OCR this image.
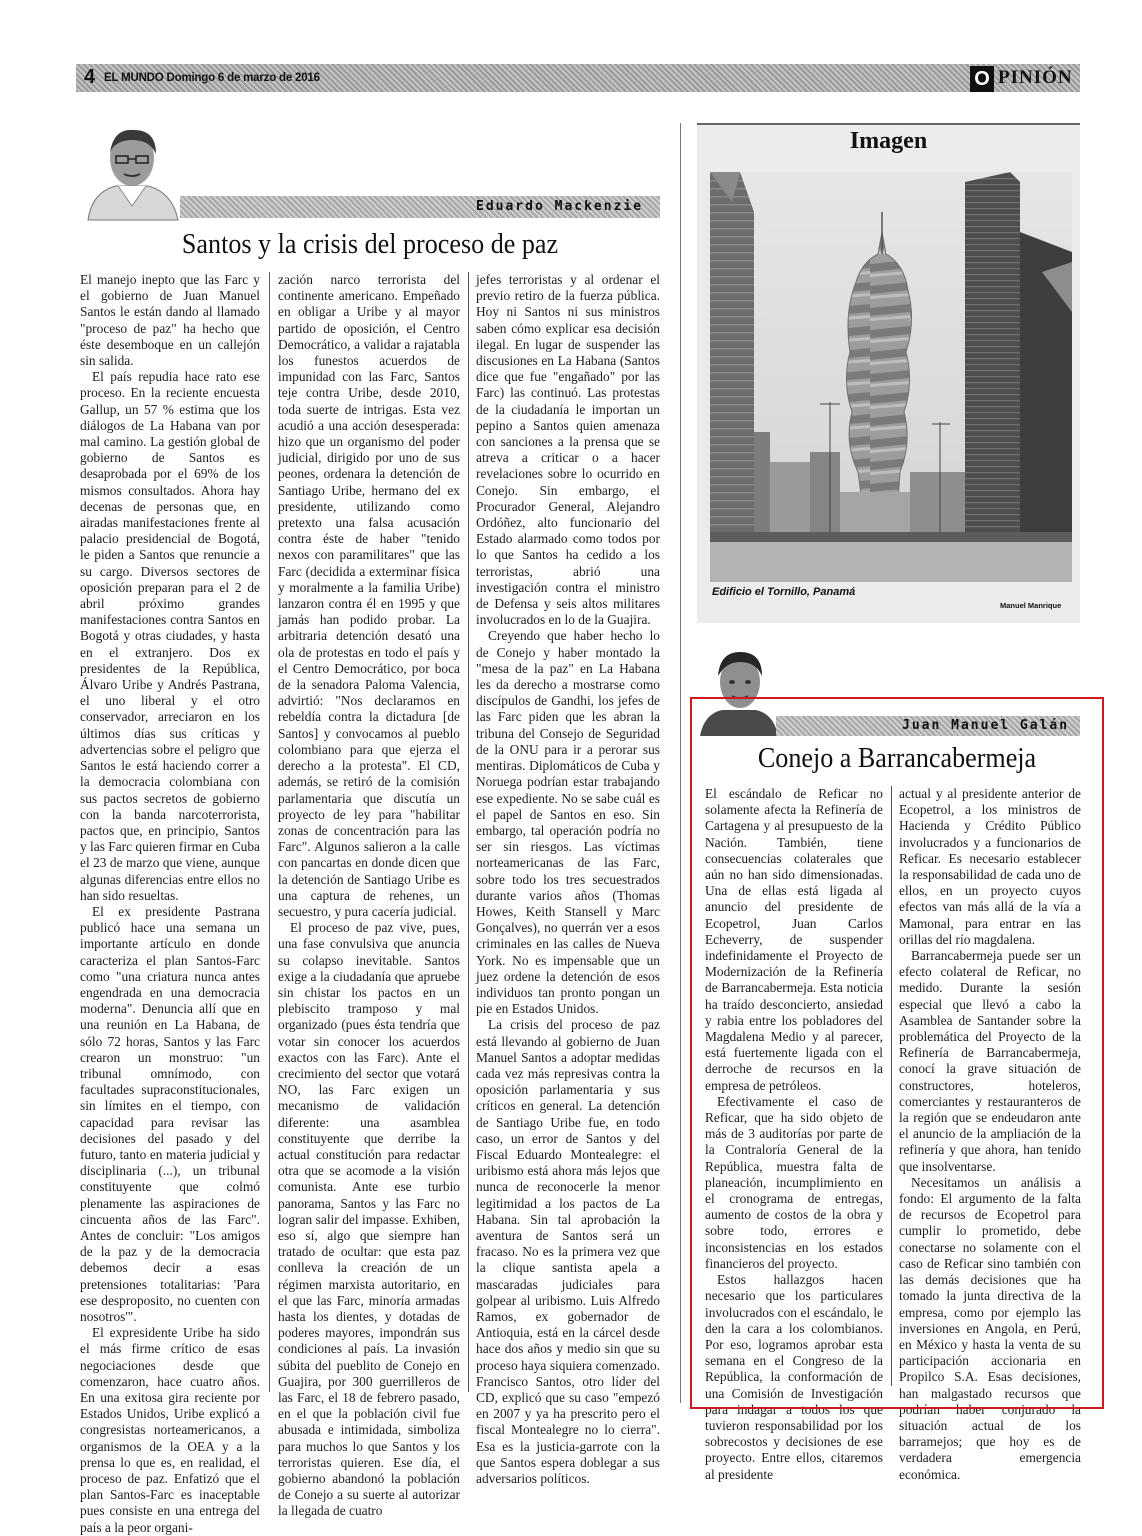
4 EL MUNDO Domingo 6 de marzo de 2016	O PINIÓN
Eduardo Mackenzie
Santos y la crisis del proceso de paz

El manejo inepto que las Farc y el gobierno de Juan Manuel Santos le están dando al llamado "proceso de paz" ha hecho que éste desemboque en un callejón sin salida.

El país repudia hace rato ese proceso. En la reciente encuesta Gallup, un 57 % estima que los diálogos de La Habana van por mal camino. La gestión global de gobierno de Santos es desaprobada por el 69% de los mismos consultados. Ahora hay decenas de personas que, en airadas manifestaciones frente al palacio presidencial de Bogotá, le piden a Santos que renuncie a su cargo. Diversos sectores de oposición preparan para el 2 de abril próximo grandes manifestaciones contra Santos en Bogotá y otras ciudades, y hasta en el extranjero. Dos ex presidentes de la República, Álvaro Uribe y Andrés Pastrana, el uno liberal y el otro conservador, arreciaron en los últimos días sus críticas y advertencias sobre el peligro que Santos le está haciendo correr a la democracia colombiana con sus pactos secretos de gobierno con la banda narcoterrorista, pactos que, en principio, Santos y las Farc quieren firmar en Cuba el 23 de marzo que viene, aunque algunas diferencias entre ellos no han sido resueltas.

El ex presidente Pastrana publicó hace una semana un importante artículo en donde caracteriza el plan Santos-Farc como "una criatura nunca antes engendrada en una democracia moderna". Denuncia allí que en una reunión en La Habana, de sólo 72 horas, Santos y las Farc crearon un monstruo: "un tribunal omnímodo, con facultades supraconstitucionales, sin límites en el tiempo, con capacidad para revisar las decisiones del pasado y del futuro, tanto en materia judicial y disciplinaria (...), un tribunal constituyente que colmó plenamente las aspiraciones de cincuenta años de las Farc". Antes de concluir: "Los amigos de la paz y de la democracia debemos decir a esas pretensiones totalitarias: 'Para ese desproposito, no cuenten con nosotros'".

El expresidente Uribe ha sido el más firme crítico de esas negociaciones desde que comenzaron, hace cuatro años. En una exitosa gira reciente por Estados Unidos, Uribe explicó a congresistas norteamericanos, a organismos de la OEA y a la prensa lo que es, en realidad, el proceso de paz. Enfatizó que el plan Santos-Farc es inaceptable pues consiste en una entrega del país a la peor organi-

zación narco terrorista del continente americano. Empeñado en obligar a Uribe y al mayor partido de oposición, el Centro Democrático, a validar a rajatabla los funestos acuerdos de impunidad con las Farc, Santos teje contra Uribe, desde 2010, toda suerte de intrigas. Esta vez acudió a una acción desesperada: hizo que un organismo del poder judicial, dirigido por uno de sus peones, ordenara la detención de Santiago Uribe, hermano del ex presidente, utilizando como pretexto una falsa acusación contra éste de haber "tenido nexos con paramilitares" que las Farc (decidida a exterminar física y moralmente a la familia Uribe) lanzaron contra él en 1995 y que jamás han podido probar. La arbitraria detención desató una ola de protestas en todo el país y el Centro Democrático, por boca de la senadora Paloma Valencia, advirtió: "Nos declaramos en rebeldía contra la dictadura [de Santos] y convocamos al pueblo colombiano para que ejerza el derecho a la protesta". El CD, además, se retiró de la comisión parlamentaria que discutía un proyecto de ley para "habilitar zonas de concentración para las Farc". Algunos salieron a la calle con pancartas en donde dicen que la detención de Santiago Uribe es una captura de rehenes, un secuestro, y pura cacería judicial.

El proceso de paz vive, pues, una fase convulsiva que anuncia su colapso inevitable. Santos exige a la ciudadanía que apruebe sin chistar los pactos en un plebiscito tramposo y mal organizado (pues ésta tendría que votar sin conocer los acuerdos exactos con las Farc). Ante el crecimiento del sector que votará NO, las Farc exigen un mecanismo de validación diferente: una asamblea constituyente que derribe la actual constitución para redactar otra que se acomode a la visión comunista. Ante ese turbio panorama, Santos y las Farc no logran salir del impasse. Exhiben, eso sí, algo que siempre han tratado de ocultar: que esta paz conlleva la creación de un régimen marxista autoritario, en el que las Farc, minoría armadas hasta los dientes, y dotadas de poderes mayores, impondrán sus condiciones al país. La invasión súbita del pueblito de Conejo en Guajira, por 300 guerrilleros de las Farc, el 18 de febrero pasado, en el que la población civil fue abusada e intimidada, simboliza para muchos lo que Santos y los terroristas quieren. Ese día, el gobierno abandonó la población de Conejo a su suerte al autorizar la llegada de cuatro

jefes terroristas y al ordenar el previo retiro de la fuerza pública. Hoy ni Santos ni sus ministros saben cómo explicar esa decisión ilegal. En lugar de suspender las discusiones en La Habana (Santos dice que fue "engañado" por las Farc) las continuó. Las protestas de la ciudadanía le importan un pepino a Santos quien amenaza con sanciones a la prensa que se atreva a criticar o a hacer revelaciones sobre lo ocurrido en Conejo. Sin embargo, el Procurador General, Alejandro Ordóñez, alto funcionario del Estado alarmado como todos por lo que Santos ha cedido a los terroristas, abrió una investigación contra el ministro de Defensa y seis altos militares involucrados en lo de la Guajira.

Creyendo que haber hecho lo de Conejo y haber montado la "mesa de la paz" en La Habana les da derecho a mostrarse como discípulos de Gandhi, los jefes de las Farc piden que les abran la tribuna del Consejo de Seguridad de la ONU para ir a perorar sus mentiras. Diplomáticos de Cuba y Noruega podrían estar trabajando ese expediente. No se sabe cuál es el papel de Santos en eso. Sin embargo, tal operación podría no ser sin riesgos. Las víctimas norteamericanas de las Farc, sobre todo los tres secuestrados durante varios años (Thomas Howes, Keith Stansell y Marc Gonçalves), no querrán ver a esos criminales en las calles de Nueva York. No es impensable que un juez ordene la detención de esos individuos tan pronto pongan un pie en Estados Unidos.

La crisis del proceso de paz está llevando al gobierno de Juan Manuel Santos a adoptar medidas cada vez más represivas contra la oposición parlamentaria y sus críticos en general. La detención de Santiago Uribe fue, en todo caso, un error de Santos y del Fiscal Eduardo Montealegre: el uribismo está ahora más lejos que nunca de reconocerle la menor legitimidad a los pactos de La Habana. Sin tal aprobación la aventura de Santos será un fracaso. No es la primera vez que la clique santista apela a mascaradas judiciales para golpear al uribismo. Luis Alfredo Ramos, ex gobernador de Antioquia, está en la cárcel desde hace dos años y medio sin que su proceso haya siquiera comenzado. Francisco Santos, otro líder del CD, explicó que su caso "empezó en 2007 y ya ha prescrito pero el fiscal Montealegre no lo cierra". Esa es la justicia-garrote con la que Santos espera doblegar a sus adversarios políticos.

Imagen
Edificio el Tornillo, Panamá
Manuel Manrique
Juan Manuel Galán
Conejo a Barrancabermeja

El escándalo de Reficar no solamente afecta la Refinería de Cartagena y al presupuesto de la Nación. También, tiene consecuencias colaterales que aún no han sido dimensionadas. Una de ellas está ligada al anuncio del presidente de Ecopetrol, Juan Carlos Echeverry, de suspender indefinidamente el Proyecto de Modernización de la Refinería de Barrancabermeja. Esta noticia ha traído desconcierto, ansiedad y rabia entre los pobladores del Magdalena Medio y al parecer, está fuertemente ligada con el derroche de recursos en la empresa de petróleos.

Efectivamente el caso de Reficar, que ha sido objeto de más de 3 auditorías por parte de la Contraloría General de la República, muestra falta de planeación, incumplimiento en el cronograma de entregas, aumento de costos de la obra y sobre todo, errores e inconsistencias en los estados financieros del proyecto.

Estos hallazgos hacen necesario que los particulares involucrados con el escándalo, le den la cara a los colombianos. Por eso, logramos aprobar esta semana en el Congreso de la República, la conformación de una Comisión de Investigación para indagar a todos los que tuvieron responsabilidad por los sobrecostos y decisiones de ese proyecto. Entre ellos, citaremos al presidente

actual y al presidente anterior de Ecopetrol, a los ministros de Hacienda y Crédito Público involucrados y a funcionarios de Reficar. Es necesario establecer la responsabilidad de cada uno de ellos, en un proyecto cuyos efectos van más allá de la vía a Mamonal, para entrar en las orillas del río magdalena.

Barrancabermeja puede ser un efecto colateral de Reficar, no medido. Durante la sesión especial que llevó a cabo la Asamblea de Santander sobre la problemática del Proyecto de la Refinería de Barrancabermeja, conocí la grave situación de constructores, hoteleros, comerciantes y restauranteros de la región que se endeudaron ante el anuncio de la ampliación de la refinería y que ahora, han tenido que insolventarse.

Necesitamos un análisis a fondo: El argumento de la falta de recursos de Ecopetrol para cumplir lo prometido, debe conectarse no solamente con el caso de Reficar sino también con las demás decisiones que ha tomado la junta directiva de la empresa, como por ejemplo las inversiones en Angola, en Perú, en México y hasta la venta de su participación accionaria en Propilco S.A. Esas decisiones, han malgastado recursos que podrían haber conjurado la situación actual de los barramejos; que hoy es de verdadera emergencia económica.
